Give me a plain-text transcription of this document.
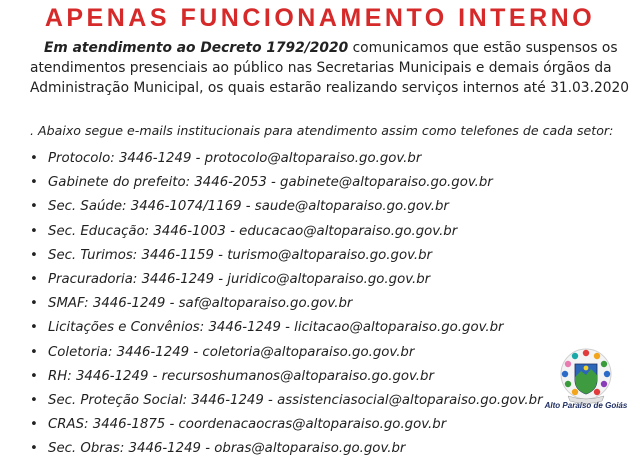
APENAS FUNCIONAMENTO INTERNO

Em atendimento ao Decreto 1792/2020 comunicamos que estão suspensos os atendimentos presenciais ao público nas Secretarias Municipais e demais órgãos da Administração Municipal, os quais estarão realizando serviços internos até 31.03.2020

. Abaixo segue e-mails institucionais para atendimento assim como telefones de cada setor:
• Protocolo: 3446-1249 - protocolo@altoparaiso.go.gov.br
• Gabinete do prefeito: 3446-2053 - gabinete@altoparaiso.go.gov.br
• Sec. Saúde: 3446-1074/1169 - saude@altoparaiso.go.gov.br
• Sec. Educação: 3446-1003 - educacao@altoparaiso.go.gov.br
• Sec. Turimos: 3446-1159 - turismo@altoparaiso.go.gov.br
• Pracuradoria: 3446-1249 - juridico@altoparaiso.go.gov.br
• SMAF: 3446-1249 - saf@altoparaiso.go.gov.br
• Licitações e Convênios: 3446-1249 - licitacao@altoparaiso.go.gov.br
• Coletoria: 3446-1249 - coletoria@altoparaiso.go.gov.br
• RH: 3446-1249 - recursoshumanos@altoparaiso.go.gov.br
• Sec. Proteção Social: 3446-1249 - assistenciasocial@altoparaiso.go.gov.br
• CRAS: 3446-1875 - coordenacaocras@altoparaiso.go.gov.br
• Sec. Obras: 3446-1249 - obras@altoparaiso.go.gov.br
Alto Paraíso de Goiás
